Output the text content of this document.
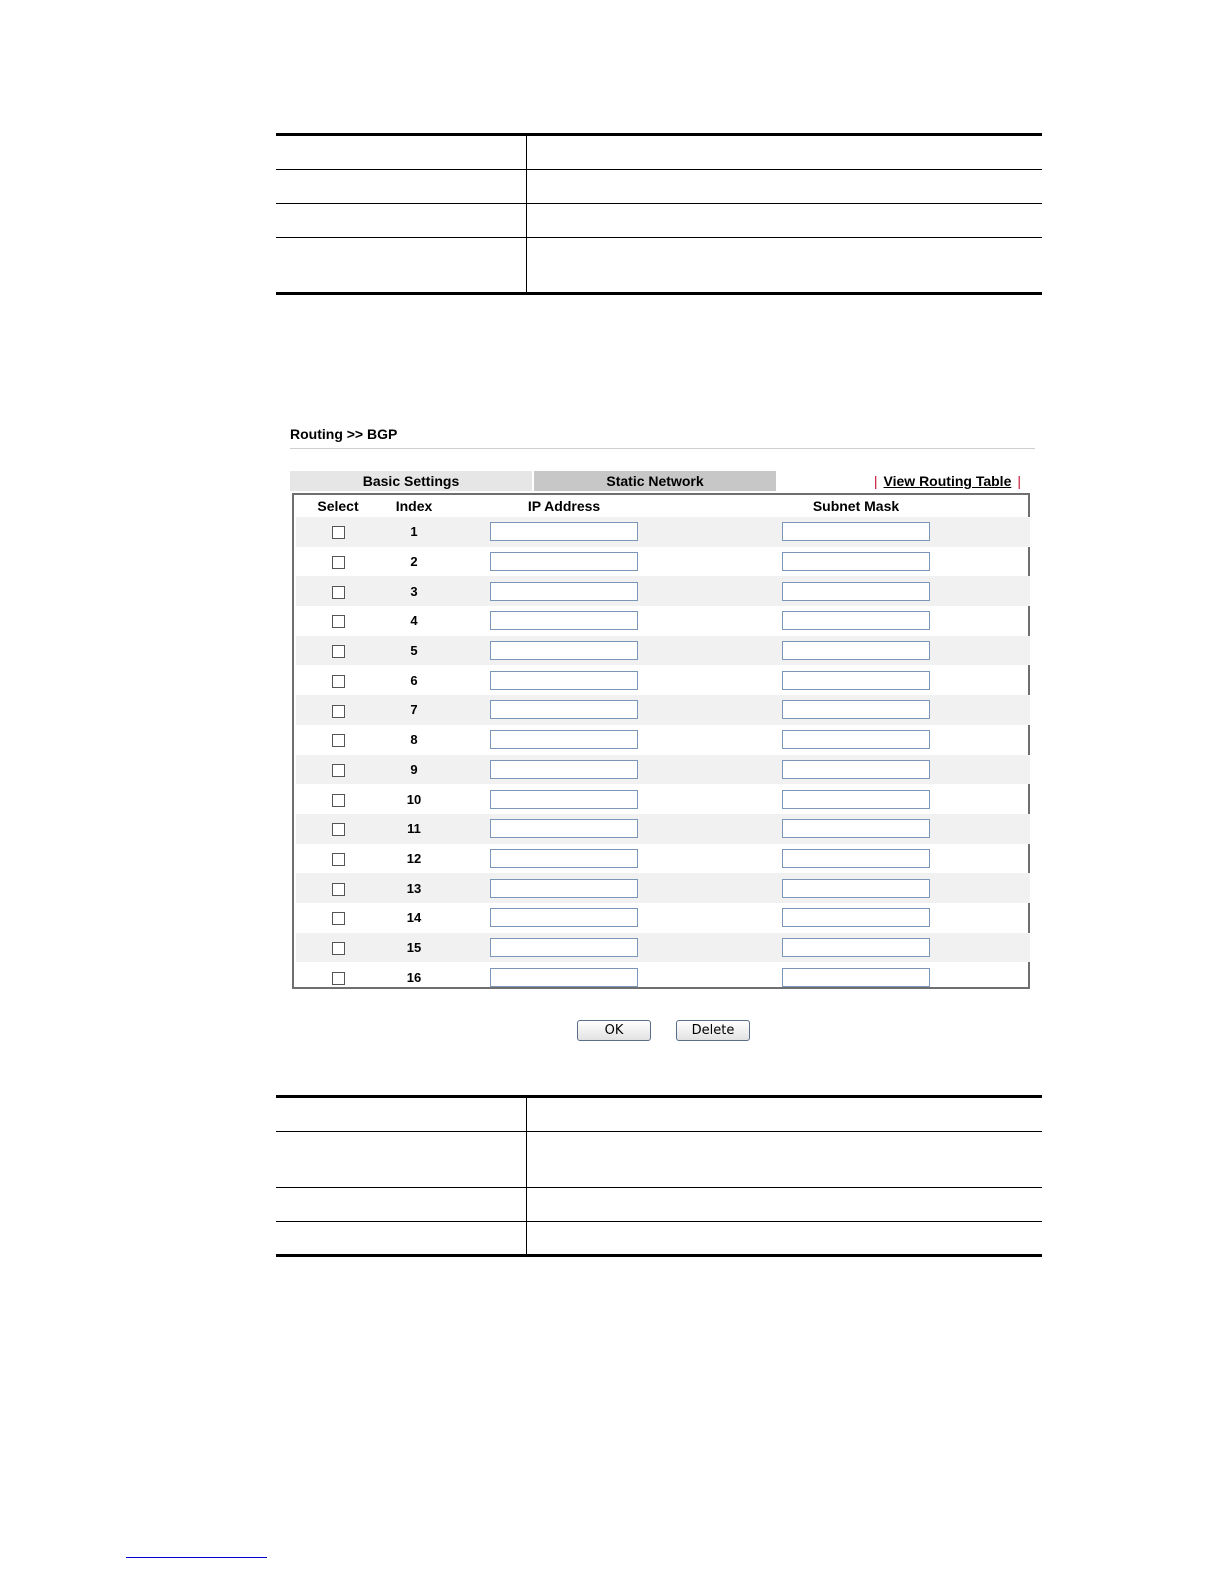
Routing >> BGP
Basic Settings	Static Network	| View Routing Table |
Select	Index	IP Address		Subnet Mask	
	1				
	2				
	3				
	4				
	5				
	6				
	7				
	8				
	9				
	10				
	11				
	12				
	13				
	14				
	15				
	16				
OK	Delete
